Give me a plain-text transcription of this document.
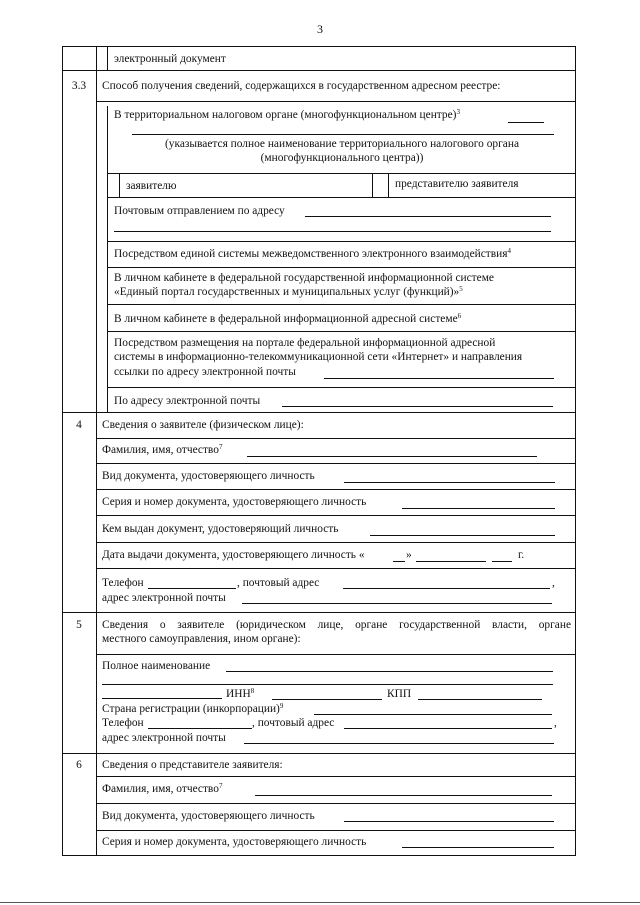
3
электронный документ
3.3	Способ получения сведений, содержащихся в государственном адресном реестре:
В территориальном налоговом органе (многофункциональном центре)$^3$
(указывается полное наименование территориального налогового органа
(многофункционального центра))
заявителю	представителю заявителя
Почтовым отправлением по адресу
Посредством единой системы межведомственного электронного взаимодействия$^4$
В личном кабинете в федеральной государственной информационной системе
«Единый портал государственных и муниципальных услуг (функций)»$^5$
В личном кабинете в федеральной информационной адресной системе$^6$
Посредством размещения на портале федеральной информационной адресной
системы в информационно-телекоммуникационной сети «Интернет» и направления
ссылки по адресу электронной почты
По адресу электронной почты
4	Сведения о заявителе (физическом лице):
Фамилия, имя, отчество$^7$
Вид документа, удостоверяющего личность
Серия и номер документа, удостоверяющего личность
Кем выдан документ, удостоверяющий личность
Дата выдачи документа, удостоверяющего личность «	»	г.
Телефон	, почтовый адрес	,
адрес электронной почты
5	Сведения о заявителе (юридическом лице, органе государственной власти, органе
местного самоуправления, ином органе):
Полное наименование
ИНН$^8$	КПП
Страна регистрации (инкорпорации)$^9$
Телефон	, почтовый адрес	,
адрес электронной почты
6	Сведения о представителе заявителя:
Фамилия, имя, отчество$^7$
Вид документа, удостоверяющего личность
Серия и номер документа, удостоверяющего личность
